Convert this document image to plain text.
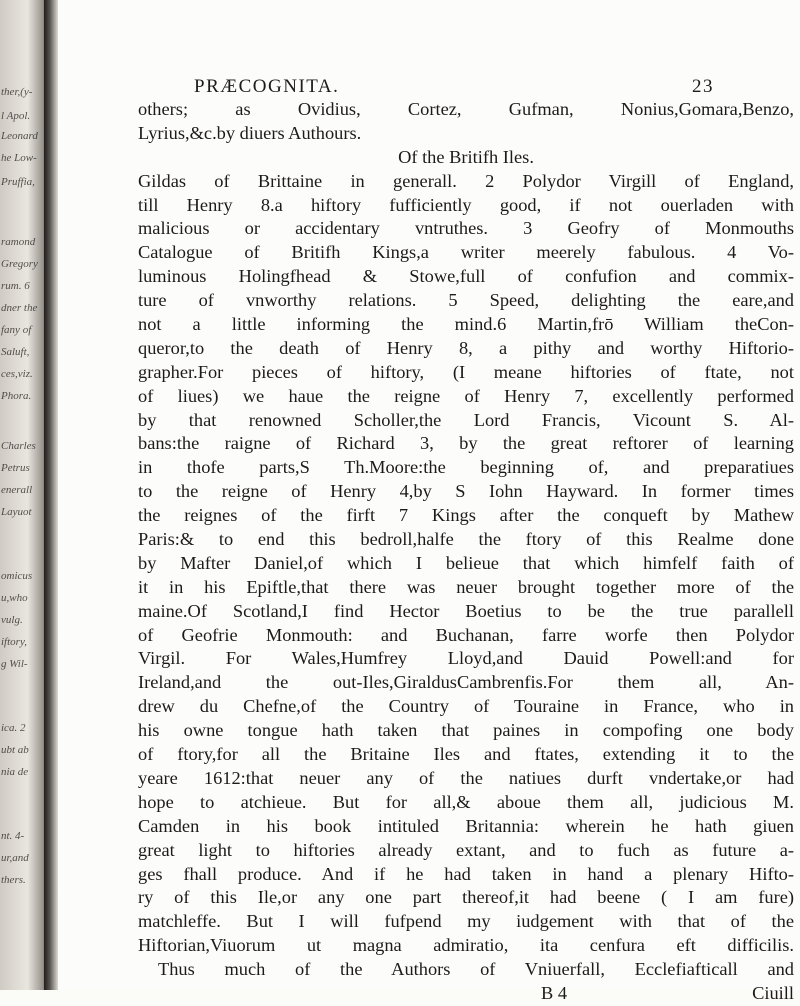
ther,(y-
l Apol.
Leonard
he Low-
Pruffia,
ramond
Gregory
rum. 6
dner the
fany of
Saluft,
ces,viz.
Phora.
Charles
Petrus
enerall
Layuot
omicus
u,who
vulg.
iftory,
g Wil-
ica. 2
ubt ab
nia de
nt. 4-
ur,and
thers.
PRÆCOGNITA.	23
others; as Ovidius, Cortez, Gufman, Nonius,Gomara,Benzo,
Lyrius,&c.by diuers Authours.
Of the Britifh Iles.
Gildas of Brittaine in generall. 2 Polydor Virgill of England,
till Henry 8.a hiftory fufficiently good, if not ouerladen with
malicious or accidentary vntruthes. 3 Geofry of Monmouths
Catalogue of Britifh Kings,a writer meerely fabulous. 4 Vo-
luminous Holingfhead & Stowe,full of confufion and commix-
ture of vnworthy relations. 5 Speed, delighting the eare,and
not a little informing the mind.6 Martin,frō William theCon-
queror,to the death of Henry 8, a pithy and worthy Hiftorio-
grapher.For pieces of hiftory, (I meane hiftories of ftate, not
of liues) we haue the reigne of Henry 7, excellently performed
by that renowned Scholler,the Lord Francis, Vicount S. Al-
bans:the raigne of Richard 3, by the great reftorer of learning
in thofe parts,S Th.Moore:the beginning of, and preparatiues
to the reigne of Henry 4,by S Iohn Hayward. In former times
the reignes of the firft 7 Kings after the conqueft by Mathew
Paris:& to end this bedroll,halfe the ftory of this Realme done
by Mafter Daniel,of which I belieue that which himfelf faith of
it in his Epiftle,that there was neuer brought together more of the
maine.Of Scotland,I find Hector Boetius to be the true parallell
of Geofrie Monmouth: and Buchanan, farre worfe then Polydor
Virgil. For Wales,Humfrey Lloyd,and Dauid Powell:and for
Ireland,and the out-Iles,GiraldusCambrenfis.For them all, An-
drew du Chefne,of the Country of Touraine in France, who in
his owne tongue hath taken that paines in compofing one body
of ftory,for all the Britaine Iles and ftates, extending it to the
yeare 1612:that neuer any of the natiues durft vndertake,or had
hope to atchieue. But for all,& aboue them all, judicious M.
Camden in his book intituled Britannia: wherein he hath giuen
great light to hiftories already extant, and to fuch as future a-
ges fhall produce. And if he had taken in hand a plenary Hifto-
ry of this Ile,or any one part thereof,it had beene ( I am fure)
matchleffe. But I will fufpend my iudgement with that of the
Hiftorian,Viuorum ut magna admiratio, ita cenfura eft difficilis.
Thus much of the Authors of Vniuerfall, Ecclefiafticall and
B 4	Ciuill
